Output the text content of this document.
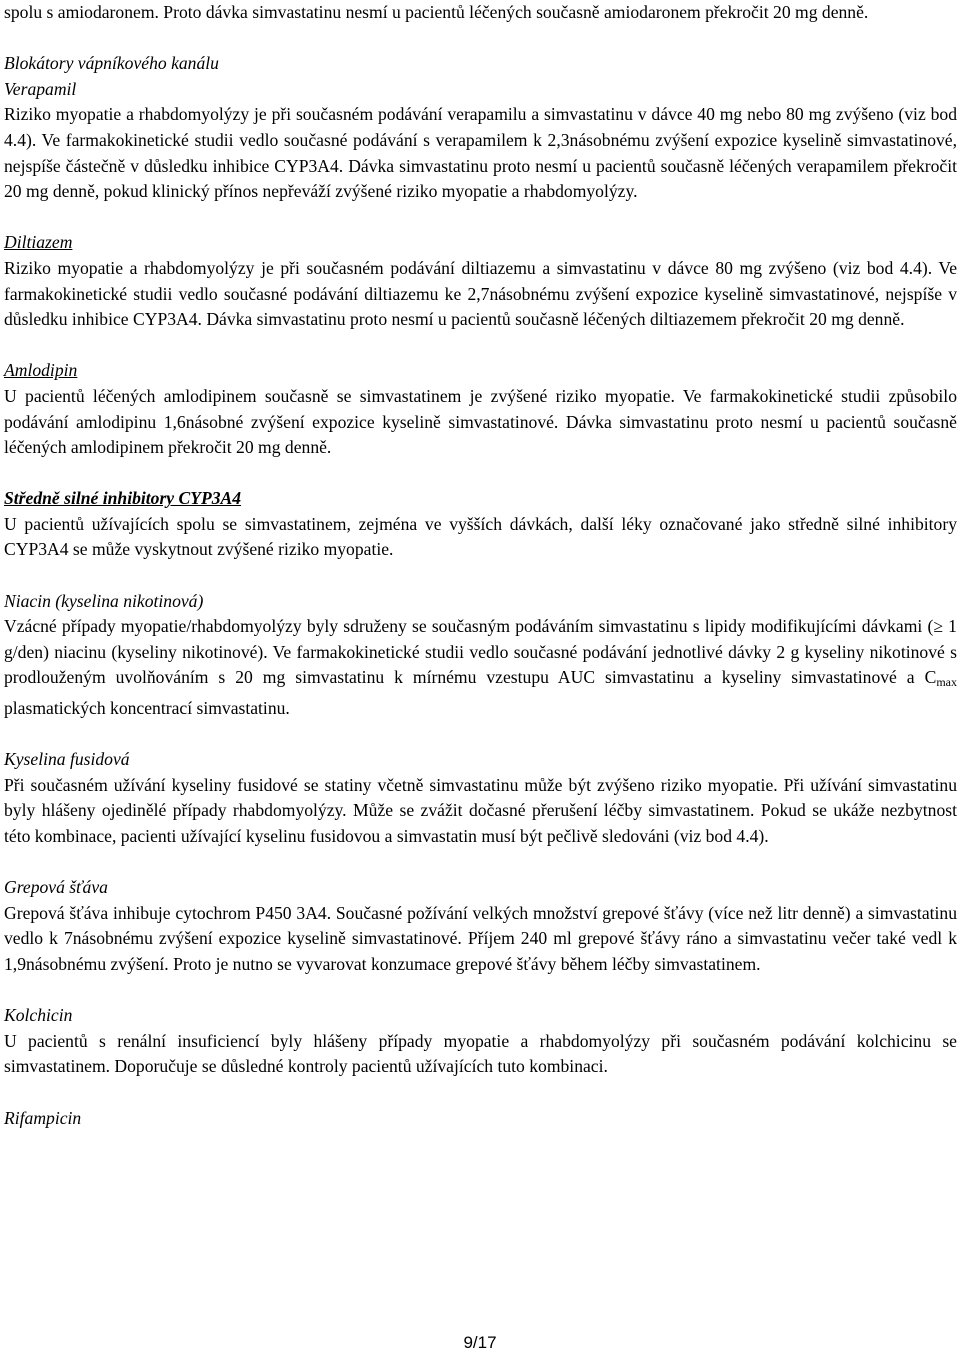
spolu s amiodaronem. Proto dávka simvastatinu nesmí u pacientů léčených současně amiodaronem překročit 20 mg denně.

Blokátory vápníkového kanálu

Verapamil

Riziko myopatie a rhabdomyolýzy je při současném podávání verapamilu a simvastatinu v dávce 40 mg nebo 80 mg zvýšeno (viz bod 4.4). Ve farmakokinetické studii vedlo současné podávání s verapamilem k 2,3násobnému zvýšení expozice kyselině simvastatinové, nejspíše částečně v důsledku inhibice CYP3A4. Dávka simvastatinu proto nesmí u pacientů současně léčených verapamilem překročit 20 mg denně, pokud klinický přínos nepřeváží zvýšené riziko myopatie a rhabdomyolýzy.

Diltiazem

Riziko myopatie a rhabdomyolýzy je při současném podávání diltiazemu a simvastatinu v dávce 80 mg zvýšeno (viz bod 4.4). Ve farmakokinetické studii vedlo současné podávání diltiazemu ke 2,7násobnému zvýšení expozice kyselině simvastatinové, nejspíše v důsledku inhibice CYP3A4. Dávka simvastatinu proto nesmí u pacientů současně léčených diltiazemem překročit 20 mg denně.

Amlodipin

U pacientů léčených amlodipinem současně se simvastatinem je zvýšené riziko myopatie. Ve farmakokinetické studii způsobilo podávání amlodipinu 1,6násobné zvýšení expozice kyselině simvastatinové. Dávka simvastatinu proto nesmí u pacientů současně léčených amlodipinem překročit 20 mg denně.

Středně silné inhibitory CYP3A4

U pacientů užívajících spolu se simvastatinem, zejména ve vyšších dávkách, další léky označované jako středně silné inhibitory CYP3A4 se může vyskytnout zvýšené riziko myopatie.

Niacin (kyselina nikotinová)

Vzácné případy myopatie/rhabdomyolýzy byly sdruženy se současným podáváním simvastatinu s lipidy modifikujícími dávkami (≥ 1 g/den) niacinu (kyseliny nikotinové). Ve farmakokinetické studii vedlo současné podávání jednotlivé dávky 2 g kyseliny nikotinové s prodlouženým uvolňováním s 20 mg simvastatinu k mírnému vzestupu AUC simvastatinu a kyseliny simvastatinové a $C_{max}$ plasmatických koncentrací simvastatinu.

Kyselina fusidová

Při současném užívání kyseliny fusidové se statiny včetně simvastatinu může být zvýšeno riziko myopatie. Při užívání simvastatinu byly hlášeny ojedinělé případy rhabdomyolýzy. Může se zvážit dočasné přerušení léčby simvastatinem. Pokud se ukáže nezbytnost této kombinace, pacienti užívající kyselinu fusidovou a simvastatin musí být pečlivě sledováni (viz bod 4.4).

Grepová šťáva

Grepová šťáva inhibuje cytochrom P450 3A4. Současné požívání velkých množství grepové šťávy (více než litr denně) a simvastatinu vedlo k 7násobnému zvýšení expozice kyselině simvastatinové. Příjem 240 ml grepové šťávy ráno a simvastatinu večer také vedl k 1,9násobnému zvýšení. Proto je nutno se vyvarovat konzumace grepové šťávy během léčby simvastatinem.

Kolchicin

U pacientů s renální insuficiencí byly hlášeny případy myopatie a rhabdomyolýzy při současném podávání kolchicinu se simvastatinem. Doporučuje se důsledné kontroly pacientů užívajících tuto kombinaci.

Rifampicin

9/17
